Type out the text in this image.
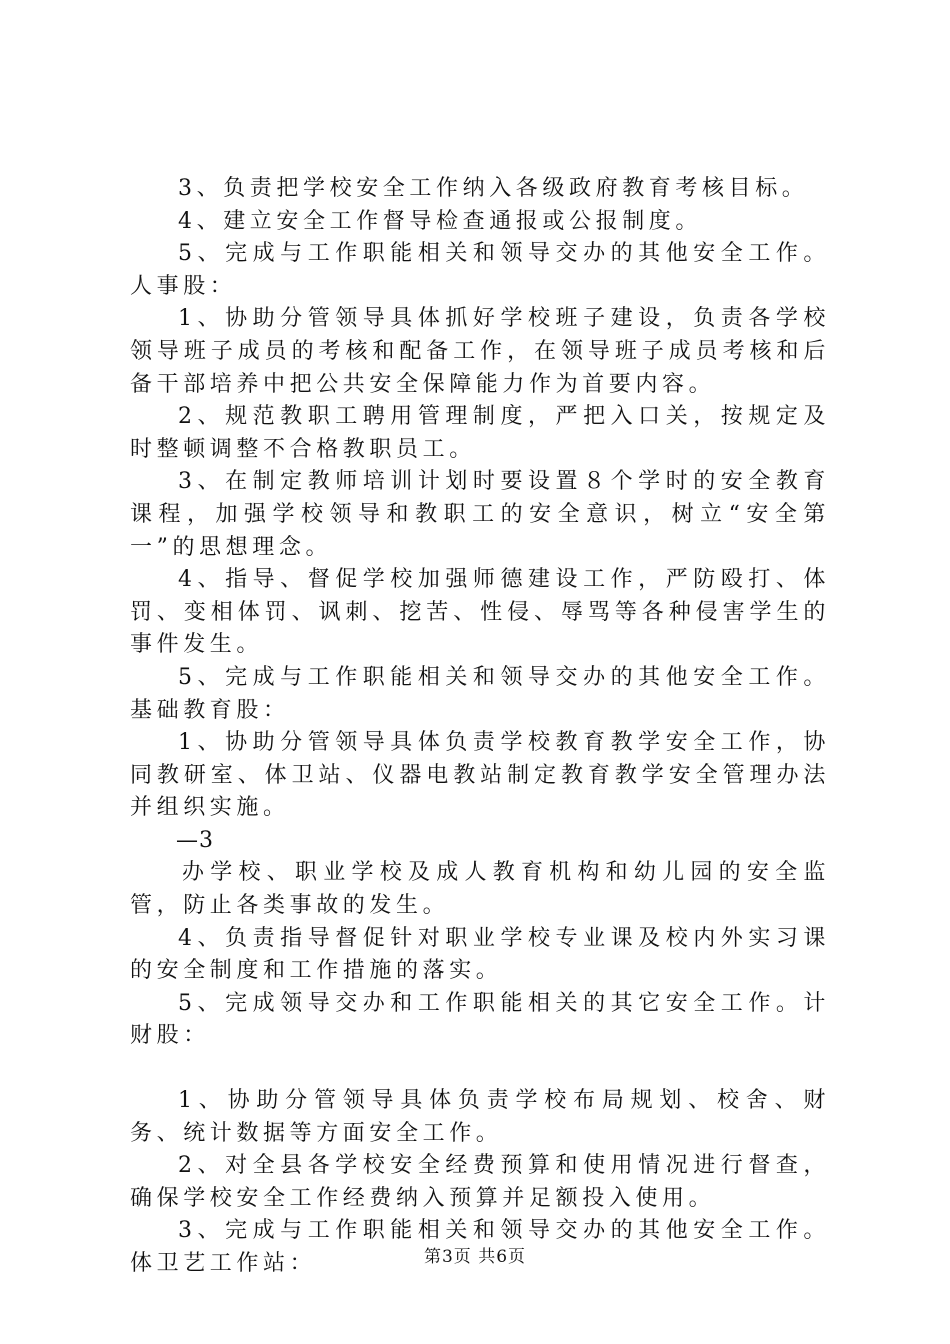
3、负责把学校安全工作纳入各级政府教育考核目标。

4、建立安全工作督导检查通报或公报制度。

5、完成与工作职能相关和领导交办的其他安全工作。人事股：

1、协助分管领导具体抓好学校班子建设，负责各学校领导班子成员的考核和配备工作，在领导班子成员考核和后备干部培养中把公共安全保障能力作为首要内容。

2、规范教职工聘用管理制度，严把入口关，按规定及时整顿调整不合格教职员工。

3、在制定教师培训计划时要设置８个学时的安全教育课程，加强学校领导和教职工的安全意识，树立“安全第一”的思想理念。

4、指导、督促学校加强师德建设工作，严防殴打、体罚、变相体罚、讽刺、挖苦、性侵、辱骂等各种侵害学生的事件发生。

5、完成与工作职能相关和领导交办的其他安全工作。基础教育股：

1、协助分管领导具体负责学校教育教学安全工作，协同教研室、体卫站、仪器电教站制定教育教学安全管理办法并组织实施。

—3

办学校、职业学校及成人教育机构和幼儿园的安全监管，防止各类事故的发生。

4、负责指导督促针对职业学校专业课及校内外实习课的安全制度和工作措施的落实。

5、完成领导交办和工作职能相关的其它安全工作。计财股：

1、协助分管领导具体负责学校布局规划、校舍、财务、统计数据等方面安全工作。

2、对全县各学校安全经费预算和使用情况进行督查，确保学校安全工作经费纳入预算并足额投入使用。

3、完成与工作职能相关和领导交办的其他安全工作。体卫艺工作站：	第3页 共6页
